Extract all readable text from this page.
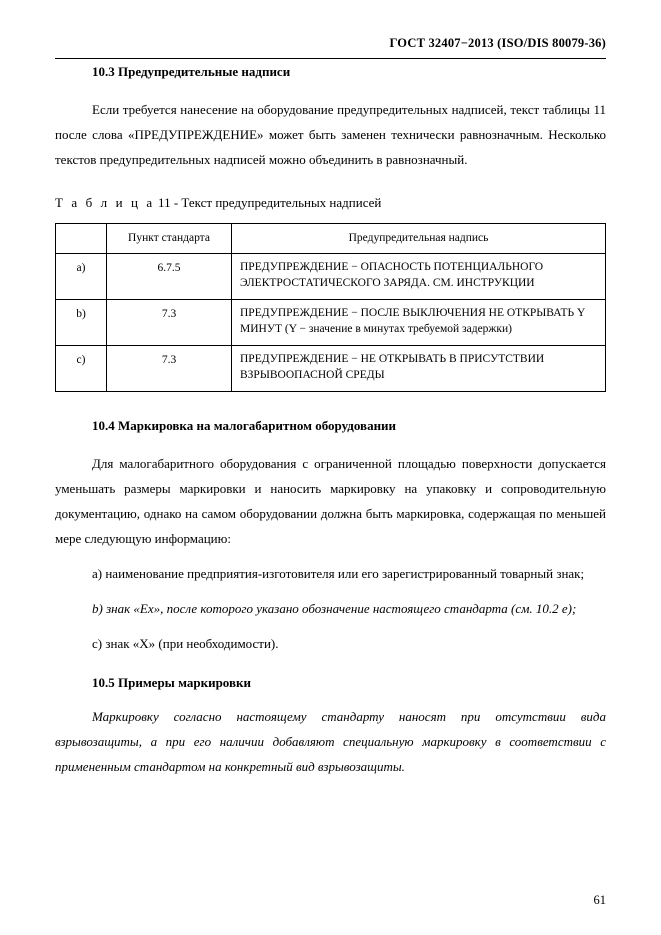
ГОСТ 32407−2013 (ISO/DIS 80079-36)
10.3 Предупредительные надписи

Если требуется нанесение на оборудование предупредительных надписей, текст таблицы 11 после слова «ПРЕДУПРЕЖДЕНИЕ» может быть заменен технически равнозначным. Несколько текстов предупредительных надписей можно объединить в равнозначный.

Т а б л и ц а 11 - Текст предупредительных надписей
	Пункт стандарта	Предупредительная надпись
а)	6.7.5	ПРЕДУПРЕЖДЕНИЕ − ОПАСНОСТЬ ПОТЕНЦИАЛЬНОГО ЭЛЕКТРОСТАТИЧЕСКОГО ЗАРЯДА. СМ. ИНСТРУКЦИИ
b)	7.3	ПРЕДУПРЕЖДЕНИЕ − ПОСЛЕ ВЫКЛЮЧЕНИЯ НЕ ОТКРЫВАТЬ Y МИНУТ (Y − значение в минутах требуемой задержки)
с)	7.3	ПРЕДУПРЕЖДЕНИЕ − НЕ ОТКРЫВАТЬ В ПРИСУТСТВИИ ВЗРЫВООПАСНОЙ СРЕДЫ
10.4 Маркировка на малогабаритном оборудовании

Для малогабаритного оборудования с ограниченной площадью поверхности допускается уменьшать размеры маркировки и наносить маркировку на упаковку и сопроводительную документацию, однако на самом оборудовании должна быть маркировка, содержащая по меньшей мере следующую информацию:

а) наименование предприятия-изготовителя или его зарегистрированный товарный знак;

b) знак «Ех», после которого указано обозначение настоящего стандарта (см. 10.2 e);

с) знак «Х» (при необходимости).

10.5 Примеры маркировки

Маркировку согласно настоящему стандарту наносят при отсутствии вида взрывозащиты, а при его наличии добавляют специальную маркировку в соответствии с примененным стандартом на конкретный вид взрывозащиты.

61
